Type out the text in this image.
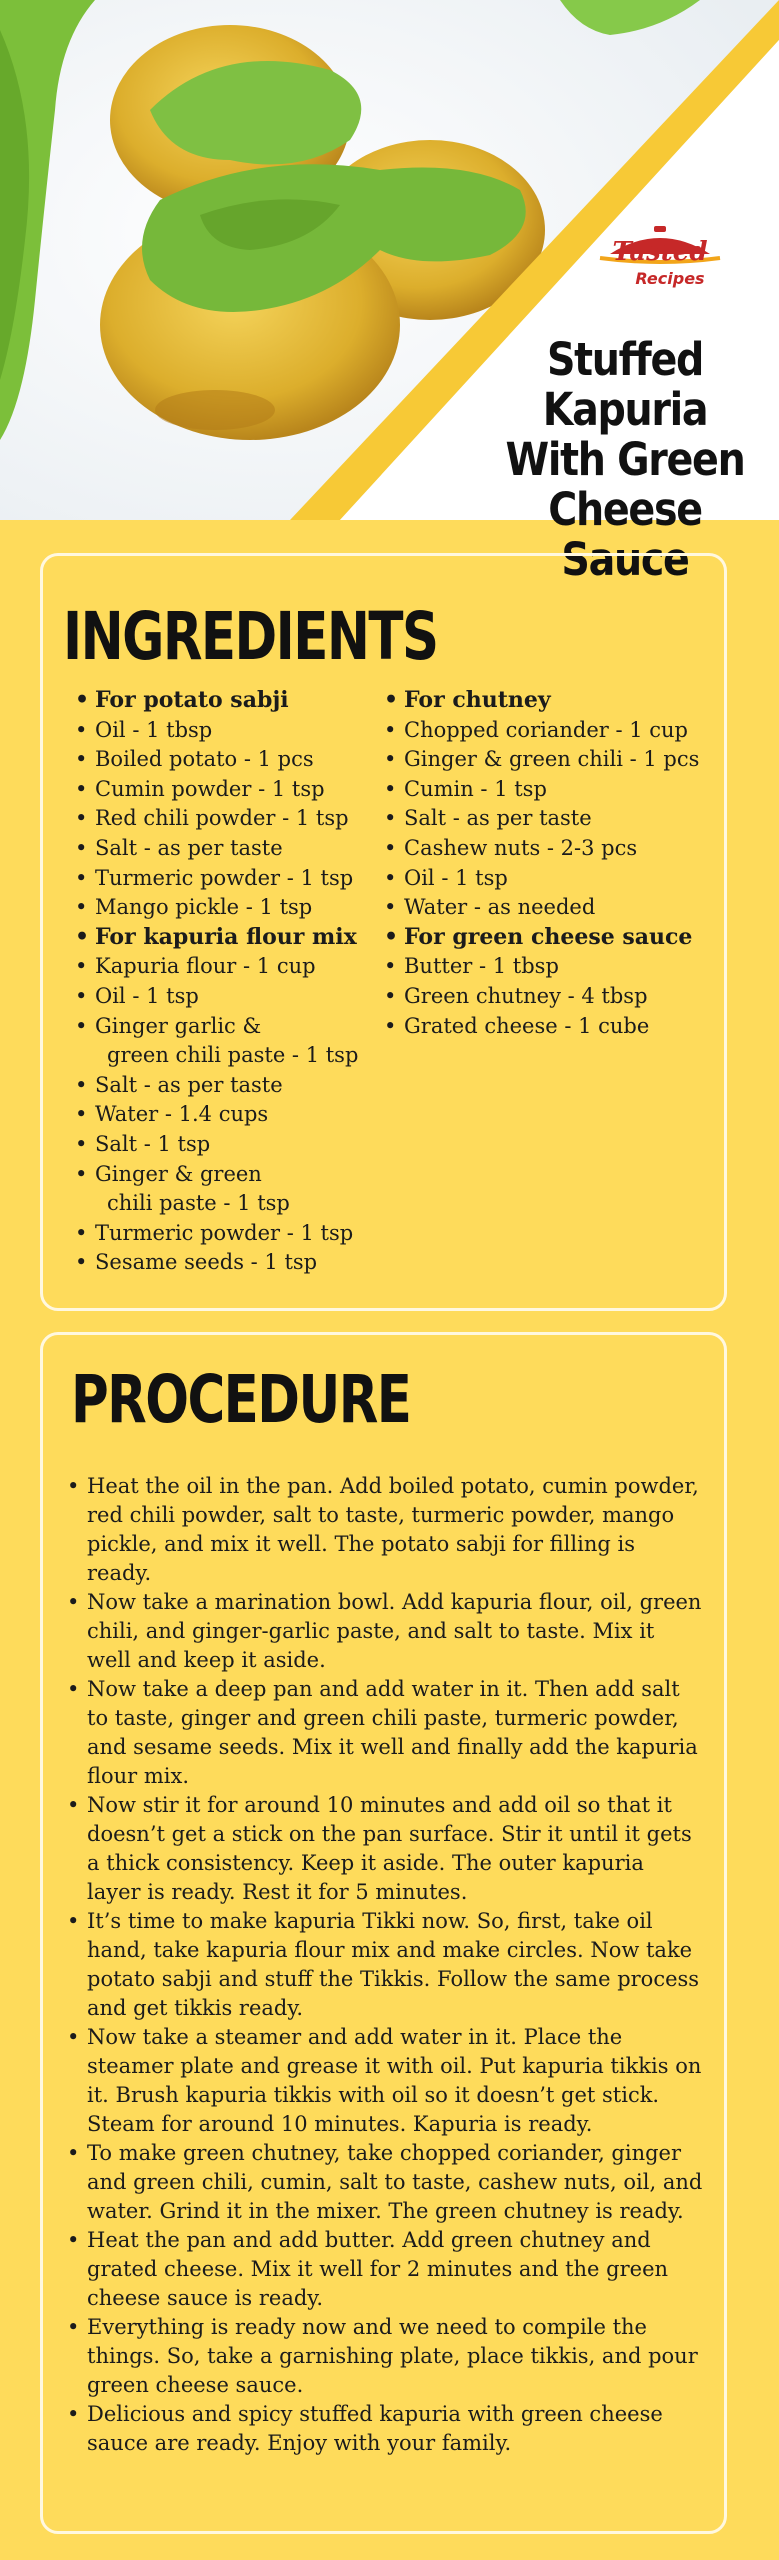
Tasted
Recipes
Stuffed Kapuria
With Green
Cheese Sauce
INGREDIENTS
• For potato sabji
• Oil - 1 tbsp
• Boiled potato - 1 pcs
• Cumin powder - 1 tsp
• Red chili powder - 1 tsp
• Salt - as per taste
• Turmeric powder - 1 tsp
• Mango pickle - 1 tsp
• For kapuria flour mix
• Kapuria flour - 1 cup
• Oil - 1 tsp
• Ginger garlic &
green chili paste - 1 tsp
• Salt - as per taste
• Water - 1.4 cups
• Salt - 1 tsp
• Ginger & green
chili paste - 1 tsp
• Turmeric powder - 1 tsp
• Sesame seeds - 1 tsp
• For chutney
• Chopped coriander - 1 cup
• Ginger & green chili - 1 pcs
• Cumin - 1 tsp
• Salt - as per taste
• Cashew nuts - 2-3 pcs
• Oil - 1 tsp
• Water - as needed
• For green cheese sauce
• Butter - 1 tbsp
• Green chutney - 4 tbsp
• Grated cheese - 1 cube
PROCEDURE
• Heat the oil in the pan. Add boiled potato, cumin powder, red chili powder, salt to taste, turmeric powder, mango pickle, and mix it well. The potato sabji for filling is ready.
• Now take a marination bowl. Add kapuria flour, oil, green chili, and ginger-garlic paste, and salt to taste. Mix it well and keep it aside.
• Now take a deep pan and add water in it. Then add salt to taste, ginger and green chili paste, turmeric powder, and sesame seeds. Mix it well and finally add the kapuria flour mix.
• Now stir it for around 10 minutes and add oil so that it doesn’t get a stick on the pan surface. Stir it until it gets a thick consistency. Keep it aside. The outer kapuria layer is ready. Rest it for 5 minutes.
• It’s time to make kapuria Tikki now. So, first, take oil hand, take kapuria flour mix and make circles. Now take potato sabji and stuff the Tikkis. Follow the same process and get tikkis ready.
• Now take a steamer and add water in it. Place the steamer plate and grease it with oil. Put kapuria tikkis on it. Brush kapuria tikkis with oil so it doesn’t get stick. Steam for around 10 minutes. Kapuria is ready.
• To make green chutney, take chopped coriander, ginger and green chili, cumin, salt to taste, cashew nuts, oil, and water. Grind it in the mixer. The green chutney is ready.
• Heat the pan and add butter. Add green chutney and grated cheese. Mix it well for 2 minutes and the green cheese sauce is ready.
• Everything is ready now and we need to compile the things. So, take a garnishing plate, place tikkis, and pour green cheese sauce.
• Delicious and spicy stuffed kapuria with green cheese sauce are ready. Enjoy with your family.
